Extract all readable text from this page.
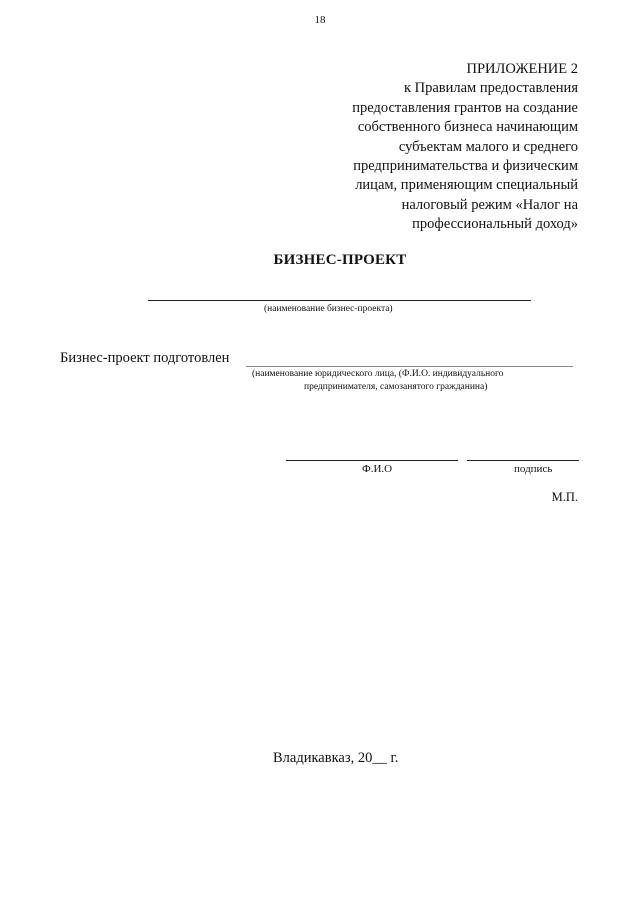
18
ПРИЛОЖЕНИЕ 2
к Правилам предоставления
предоставления грантов на создание
собственного бизнеса начинающим
субъектам малого и среднего
предпринимательства и физическим
лицам, применяющим специальный
налоговый режим «Налог на
профессиональный доход»
БИЗНЕС-ПРОЕКТ
(наименование бизнес-проекта)
Бизнес-проект подготовлен
(наименование юридического лица, (Ф.И.О. индивидуального
предпринимателя, самозанятого гражданина)
Ф.И.О	подпись
М.П.
Владикавказ, 20__ г.
